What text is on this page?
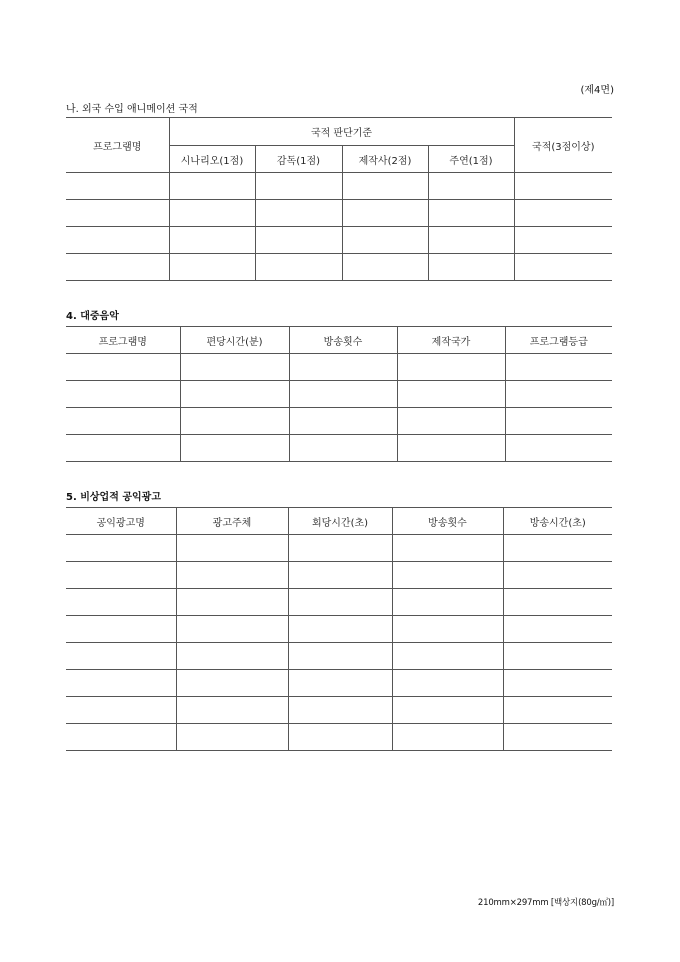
(제4면)
나. 외국 수입 애니메이션 국적
프로그램명	국적 판단기준				국적(3점이상)
	시나리오(1점)	감독(1점)	제작사(2점)	주연(1점)	

4. 대중음악
프로그램명	편당시간(분)	방송횟수	제작국가	프로그램등급

5. 비상업적 공익광고
공익광고명	광고주체	회당시간(초)	방송횟수	방송시간(초)

210mm×297mm [백상지(80g/㎡)]
